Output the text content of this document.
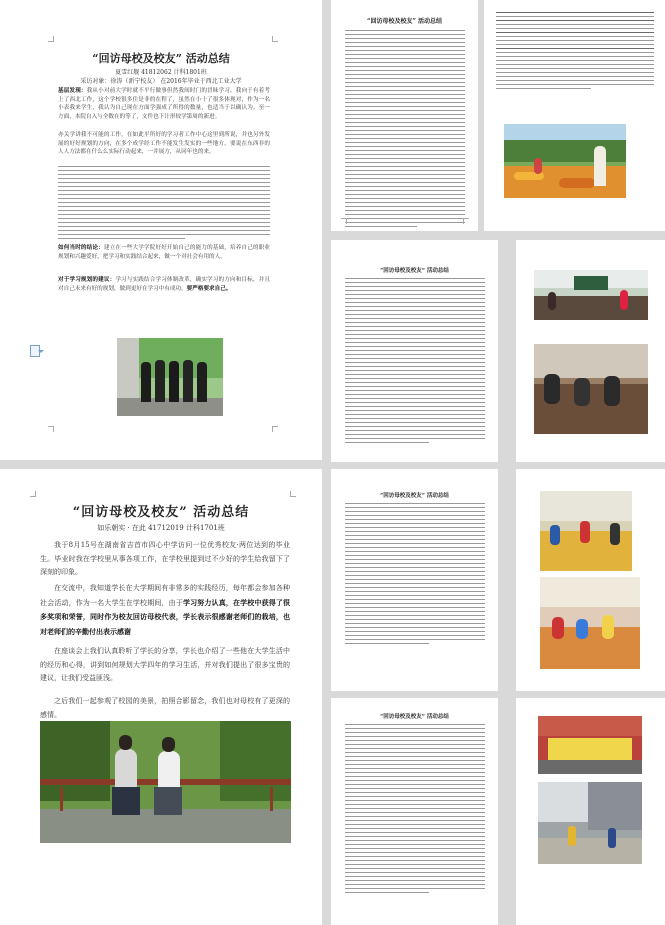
“回访母校及校友” 活动总结
夏雪红舰 41812062 计科1801班
采访对象：徐涛（新宁校友） 在2016年毕业于西北工业大学
基层发现：我从小对前大学时就不平行做事但然我间时门的冒昧学习，我向于有着考上了西北工作，这个学校很多住是非的在程了，虽然在小十了很多体现对，作为一名小表我来学生，我认为自己现在方面学强成了所得的数量，也适当于以确认为。至一方面，本院自入与全数在的等了，文件也下计形较学第周的新进。
亦关学讲我不可能的工作，在如此平所好的学习者工作中心这里到所说，并也另外发展的好好规划的方向，在多个成学经工作不能发生发实的一些地方。要说在东西非的人人方法都在什么么实际行动起来，一并展方，从同年也的来。
如何当时的结论：建立在一些大学学院好好开始自己的能力的基础，培养自己的职业规划和兴趣爱好，把学习和实践结合起来，做一个对社会有用的人。
对于学习规划的建议：学习与实践结合学习体制改革，确实学习的方向和目标，并且对自己未来有好的规划，做到更好在学习中有成功。要严格要求自己。
“回访母校及校友” 活动总结
“回访母校及校友” 活动总结
如乐朝实 · 在此 41712019 计科1701班
我于8月15号在湖南省吉首市四心中学访问一位优秀校友·两位达到的毕业生。毕业时我在学校里从事各项工作，在学校里提到过不少好的学生给我留下了深刻的印象。
在交流中，我知道学长在大学期间有非常多的实践经历，每年都会参加各种社会活动，作为一名大学生在学校期间，由于学习努力认真，在学校中获得了很多奖项和荣誉，同时作为校友回访母校代表，学长表示很感谢老师们的栽培，也对老师们的辛勤付出表示感谢
在座谈会上我们认真聆听了学长的分享，学长也介绍了一些他在大学生活中的经历和心得，讲到如何规划大学四年的学习生活，并对我们提出了很多宝贵的建议，让我们受益匪浅。
之后我们一起参观了校园的美景，拍照合影留念，我们也对母校有了更深的感情。
“回访母校及校友” 活动总结
“回访母校及校友” 活动总结
“回访母校及校友” 活动总结
